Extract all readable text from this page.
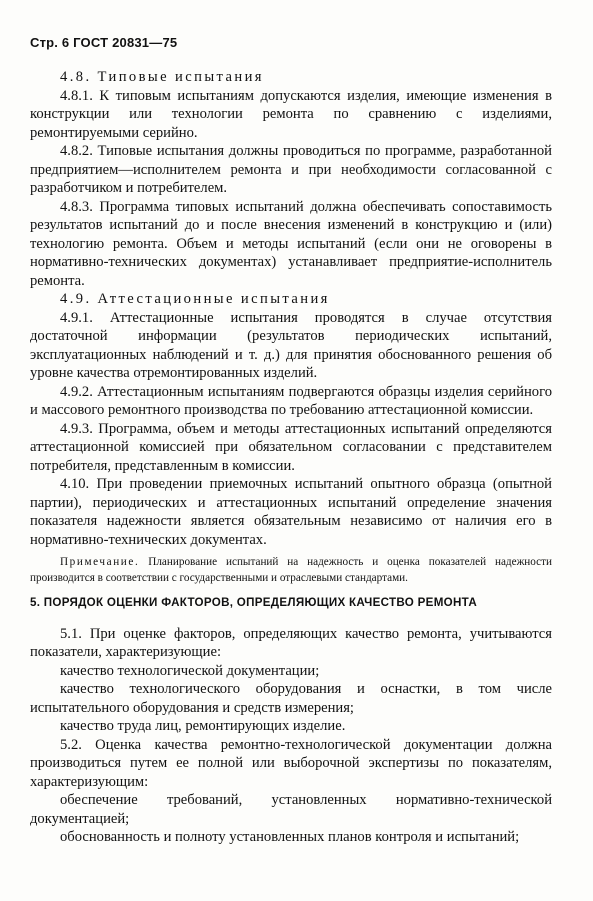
Стр. 6 ГОСТ 20831—75

4.8. Типовые испытания

4.8.1. К типовым испытаниям допускаются изделия, имеющие изменения в конструкции или технологии ремонта по сравнению с изделиями, ремонтируемыми серийно.

4.8.2. Типовые испытания должны проводиться по программе, разработанной предприятием—исполнителем ремонта и при необходимости согласованной с разработчиком и потребителем.

4.8.3. Программа типовых испытаний должна обеспечивать сопоставимость результатов испытаний до и после внесения изменений в конструкцию и (или) технологию ремонта. Объем и методы испытаний (если они не оговорены в нормативно-технических документах) устанавливает предприятие-исполнитель ремонта.

4.9. Аттестационные испытания

4.9.1. Аттестационные испытания проводятся в случае отсутствия достаточной информации (результатов периодических испытаний, эксплуатационных наблюдений и т. д.) для принятия обоснованного решения об уровне качества отремонтированных изделий.

4.9.2. Аттестационным испытаниям подвергаются образцы изделия серийного и массового ремонтного производства по требованию аттестационной комиссии.

4.9.3. Программа, объем и методы аттестационных испытаний определяются аттестационной комиссией при обязательном согласовании с представителем потребителя, представленным в комиссии.

4.10. При проведении приемочных испытаний опытного образца (опытной партии), периодических и аттестационных испытаний определение значения показателя надежности является обязательным независимо от наличия его в нормативно-технических документах.

Примечание. Планирование испытаний на надежность и оценка показателей надежности производится в соответствии с государственными и отраслевыми стандартами.

5. ПОРЯДОК ОЦЕНКИ ФАКТОРОВ, ОПРЕДЕЛЯЮЩИХ КАЧЕСТВО РЕМОНТА

5.1. При оценке факторов, определяющих качество ремонта, учитываются показатели, характеризующие:

качество технологической документации;

качество технологического оборудования и оснастки, в том числе испытательного оборудования и средств измерения;

качество труда лиц, ремонтирующих изделие.

5.2. Оценка качества ремонтно-технологической документации должна производиться путем ее полной или выборочной экспертизы по показателям, характеризующим:

обеспечение требований, установленных нормативно-технической документацией;

обоснованность и полноту установленных планов контроля и испытаний;
